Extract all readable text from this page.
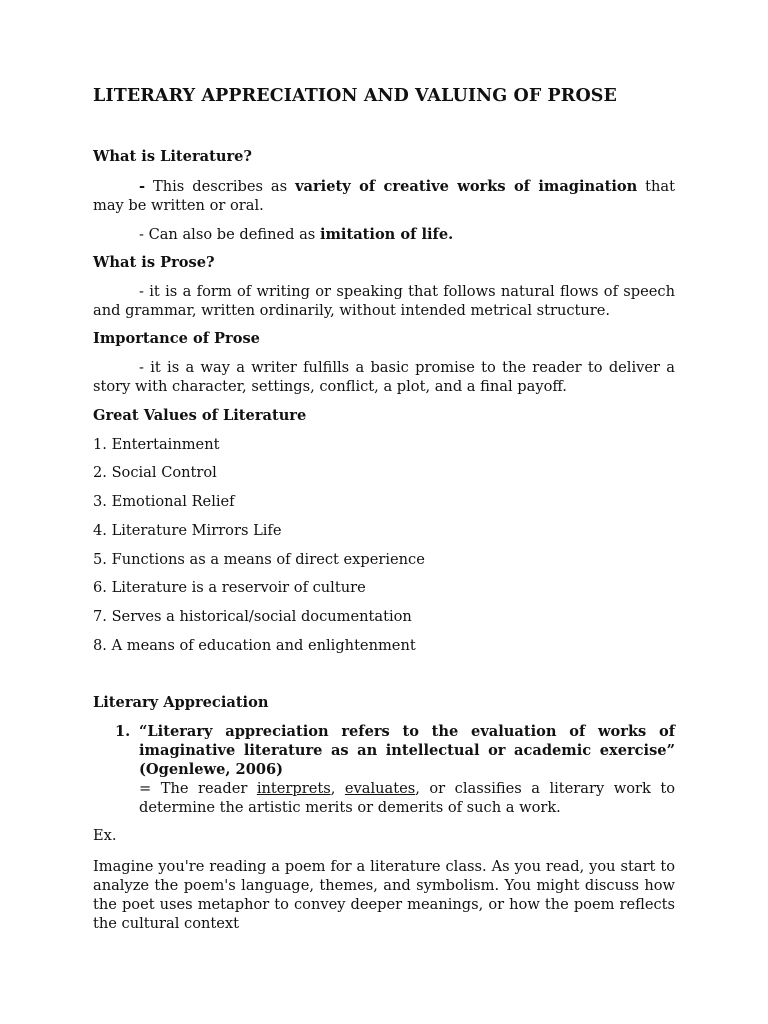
LITERARY APPRECIATION AND VALUING OF PROSE
What is Literature?
- This describes as variety of creative works of imagination that may be written or oral.
- Can also be defined as imitation of life.
What is Prose?
- it is a form of writing or speaking that follows natural flows of speech and grammar, written ordinarily, without intended metrical structure.
Importance of Prose
- it is a way a writer fulfills a basic promise to the reader to deliver a story with character, settings, conflict, a plot, and a final payoff.
Great Values of Literature
1. Entertainment
2. Social Control
3. Emotional Relief
4. Literature Mirrors Life
5. Functions as a means of direct experience
6. Literature is a reservoir of culture
7. Serves a historical/social documentation
8. A means of education and enlightenment
Literary Appreciation
1. “Literary appreciation refers to the evaluation of works of imaginative literature as an intellectual or academic exercise” (Ogenlewe, 2006)
= The reader interprets, evaluates, or classifies a literary work to determine the artistic merits or demerits of such a work.
Ex.
Imagine you're reading a poem for a literature class. As you read, you start to analyze the poem's language, themes, and symbolism. You might discuss how the poet uses metaphor to convey deeper meanings, or how the poem reflects the cultural context
